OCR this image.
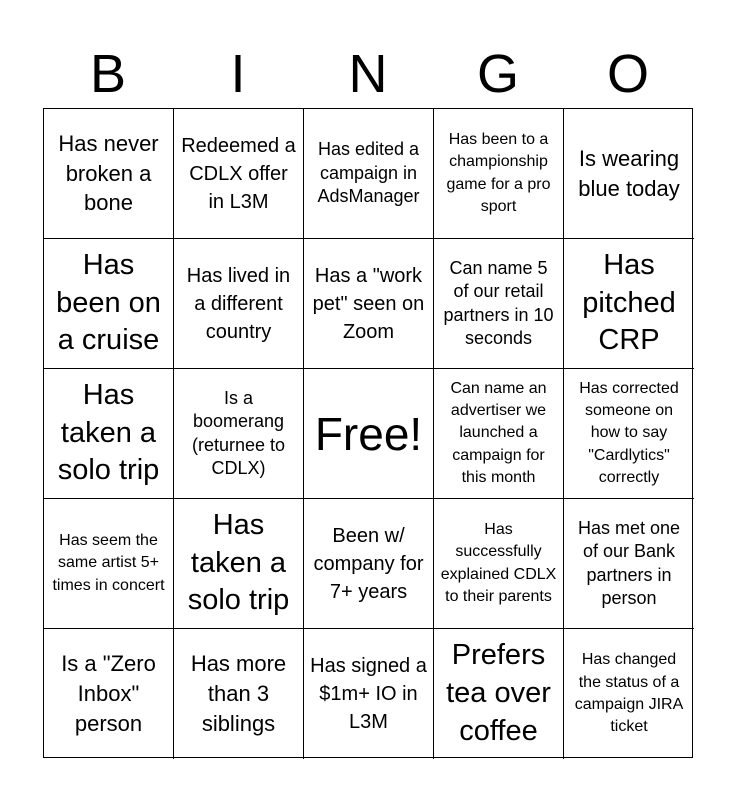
B	I	N	G	O
Has never broken a bone
Redeemed a CDLX offer in L3M
Has edited a campaign in AdsManager
Has been to a championship game for a pro sport
Is wearing blue today
Has been on a cruise
Has lived in a different country
Has a "work pet" seen on Zoom
Can name 5 of our retail partners in 10 seconds
Has pitched CRP
Has taken a solo trip
Is a boomerang (returnee to CDLX)
Free!
Can name an advertiser we launched a campaign for this month
Has corrected someone on how to say "Cardlytics" correctly
Has seem the same artist 5+ times in concert
Has taken a solo trip
Been w/ company for 7+ years
Has successfully explained CDLX to their parents
Has met one of our Bank partners in person
Is a "Zero Inbox" person
Has more than 3 siblings
Has signed a $1m+ IO in L3M
Prefers tea over coffee
Has changed the status of a campaign JIRA ticket
